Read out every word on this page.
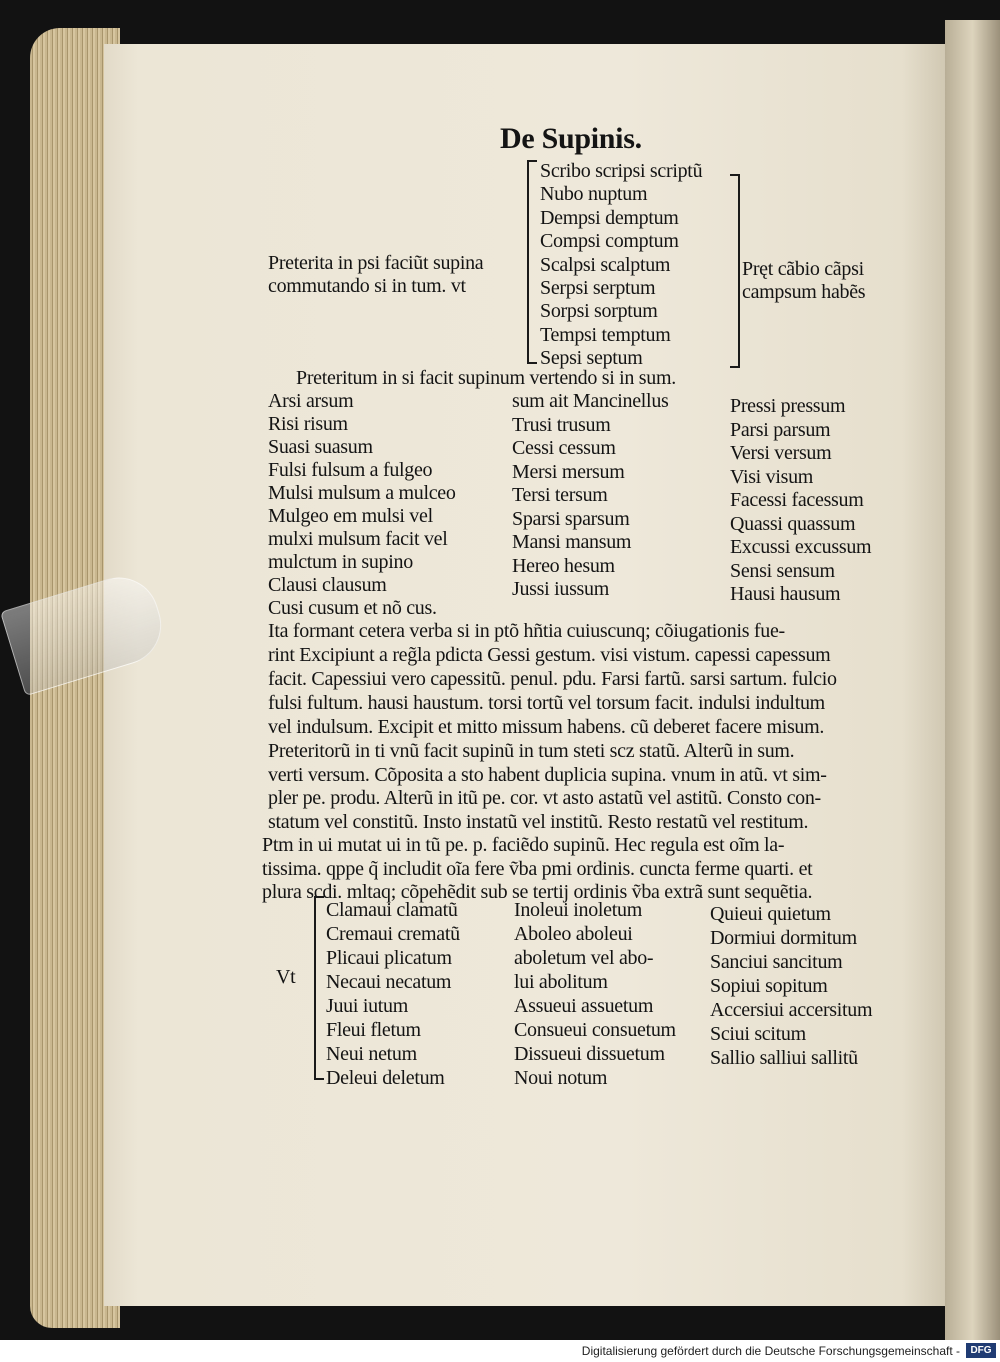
De Supinis.
Scribo scripsi scriptũ
Nubo nuptum
Dempsi demptum
Compsi comptum
Scalpsi scalptum
Serpsi serptum
Sorpsi sorptum
Tempsi temptum
Sepsi septum
Preterita in psi faciũt supina
commutando si in tum. vt
Pręt cãbio cãpsi
campsum habẽs
Preteritum in si facit supinum vertendo si in sum.
Arsi arsum
Risi risum
Suasi suasum
Fulsi fulsum a fulgeo
Mulsi mulsum a mulceo
Mulgeo em mulsi vel
mulxi mulsum facit vel
mulctum in supino
Clausi clausum
Cusi cusum et nõ cus.
sum ait Mancinellus
Trusi trusum
Cessi cessum
Mersi mersum
Tersi tersum
Sparsi sparsum
Mansi mansum
Hereo hesum
Jussi iussum
Pressi pressum
Parsi parsum
Versi versum
Visi visum
Facessi facessum
Quassi quassum
Excussi excussum
Sensi sensum
Hausi hausum
Ita formant cetera verba si in ptõ hñtia cuiuscunq; cõiugationis fue-
rint Excipiunt a reg̃la pdicta Gessi gestum. visi vistum. capessi capessum
facit. Capessiui vero capessitũ. penul. pdu. Farsi fartũ. sarsi sartum. fulcio
fulsi fultum. hausi haustum. torsi tortũ vel torsum facit. indulsi indultum
vel indulsum. Excipit et mitto missum habens. cũ deberet facere misum.
Preteritorũ in ti vnũ facit supinũ in tum steti scz statũ. Alterũ in sum.
verti versum. Cõposita a sto habent duplicia supina. vnum in atũ. vt sim-
pler pe. produ. Alterũ in itũ pe. cor. vt asto astatũ vel astitũ. Consto con-
statum vel constitũ. Insto instatũ vel institũ. Resto restatũ vel restitum.
Ptm in ui mutat ui in tũ pe. p. faciẽdo supinũ. Hec regula est oĩm la-
tissima. qppe q̃ includit oĩa fere ṽba pmi ordinis. cuncta ferme quarti. et
plura scdi. mltaq; cõpehẽdit sub se tertij ordinis ṽba extrã sunt sequẽtia.
Vt
Clamaui clamatũ
Cremaui crematũ
Plicaui plicatum
Necaui necatum
Juui iutum
Fleui fletum
Neui netum
Deleui deletum
Inoleui inoletum
Aboleo aboleui
aboletum vel abo-
lui abolitum
Assueui assuetum
Consueui consuetum
Dissueui dissuetum
Noui notum
Quieui quietum
Dormiui dormitum
Sanciui sancitum
Sopiui sopitum
Accersiui accersitum
Sciui scitum
Sallio salliui sallitũ
Digitalisierung gefördert durch die Deutsche Forschungsgemeinschaft -	DFG
